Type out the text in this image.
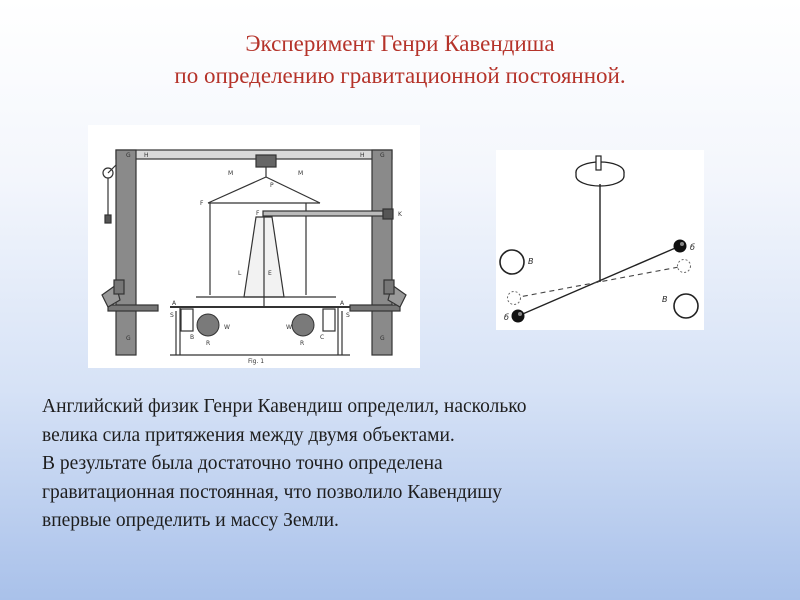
Эксперимент Генри Кавендиша
по определению гравитационной постоянной.
G H	H	G
M	M
P
F
F	K
E
L
A	A
S	S
W	W
R	R
B	C
G	G
Fig. 1
В
В
б
б

Английский физик Генри Кавендиш определил, насколько
велика сила притяжения между двумя объектами.
В результате была достаточно точно определена
гравитационная постоянная, что позволило Кавендишу
впервые определить и массу Земли.
